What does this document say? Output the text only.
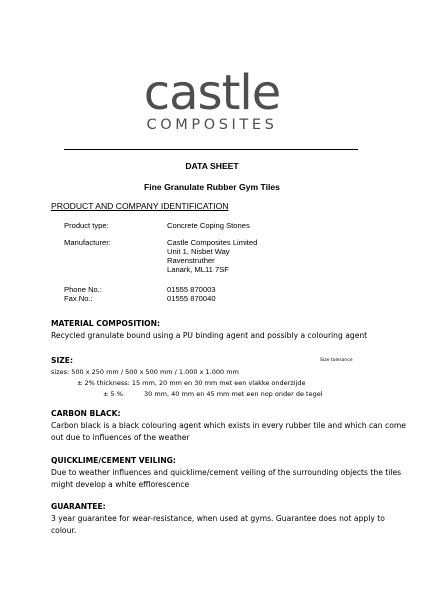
castle
COMPOSITES
DATA SHEET
Fine Granulate Rubber Gym Tiles
PRODUCT AND COMPANY IDENTIFICATION
Product type:	Concrete Coping Stones
Manufacturer:	Castle Composites Limited
Unit 1, Nisbet Way
Ravenstruther
Lanark, ML11 7SF
Phone No.:	01555 870003
Fax No.:	01555 870040
MATERIAL COMPOSITION:
Recycled granulate bound using a PU binding agent and possibly a colouring agent
SIZE:	Size tolerance
sizes: 500 x 250 mm / 500 x 500 mm / 1.000 x 1.000 mm
± 2% thickness: 15 mm, 20 mm en 30 mm met een vlakke onderzijde
± 5 %	30 mm, 40 mm en 45 mm met een nop onder de tegel
CARBON BLACK:
Carbon black is a black colouring agent which exists in every rubber tile and which can come
out due to influences of the weather
QUICKLIME/CEMENT VEILING:
Due to weather influences and quicklime/cement veiling of the surrounding objects the tiles
might develop a white efflorescence
GUARANTEE:
3 year guarantee for wear-resistance, when used at gyms. Guarantee does not apply to
colour.
